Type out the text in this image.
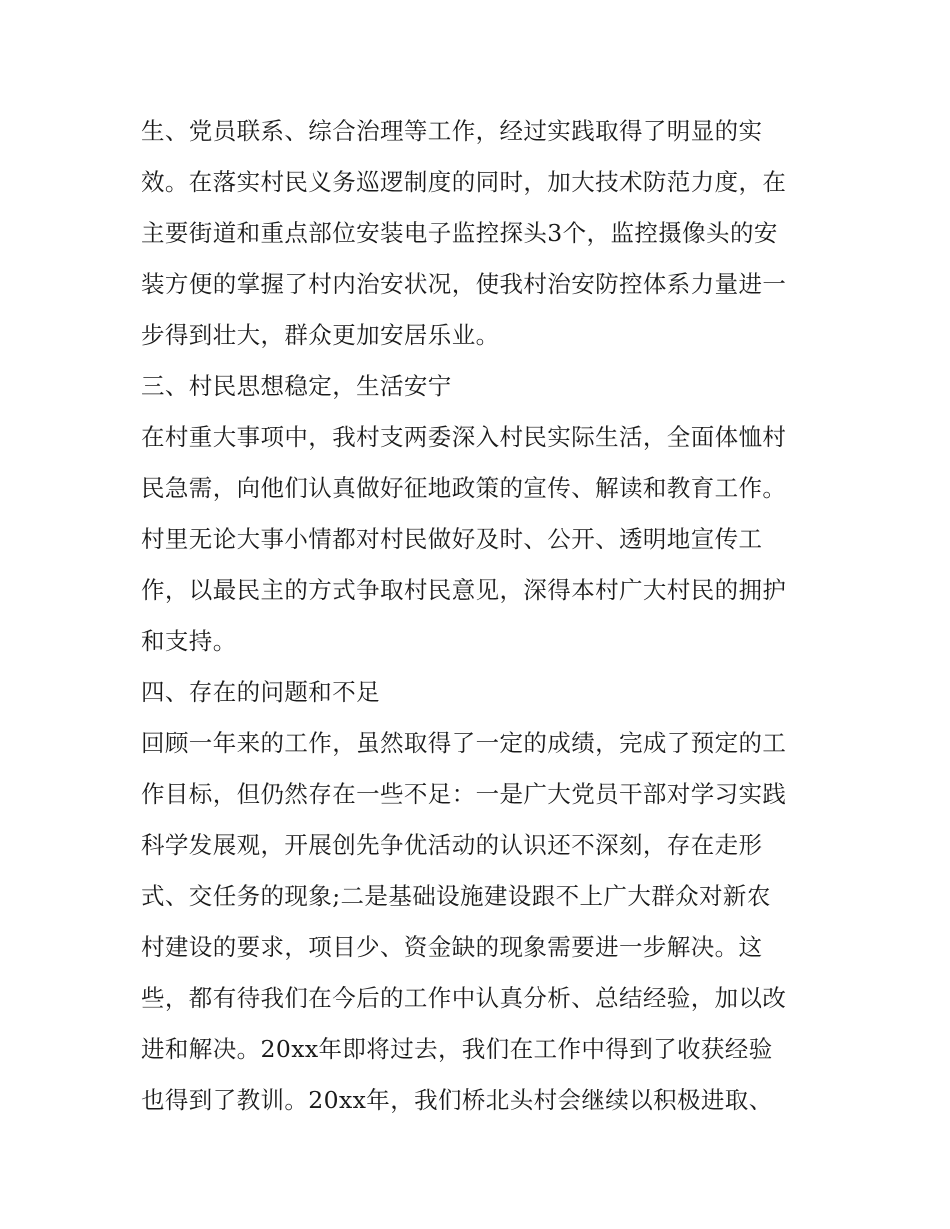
生、党员联系、综合治理等工作，经过实践取得了明显的实
效。在落实村民义务巡逻制度的同时，加大技术防范力度，在
主要街道和重点部位安装电子监控探头3个，监控摄像头的安
装方便的掌握了村内治安状况，使我村治安防控体系力量进一
步得到壮大，群众更加安居乐业。
三、村民思想稳定，生活安宁
在村重大事项中，我村支两委深入村民实际生活，全面体恤村
民急需，向他们认真做好征地政策的宣传、解读和教育工作。
村里无论大事小情都对村民做好及时、公开、透明地宣传工
作，以最民主的方式争取村民意见，深得本村广大村民的拥护
和支持。
四、存在的问题和不足
回顾一年来的工作，虽然取得了一定的成绩，完成了预定的工
作目标，但仍然存在一些不足：一是广大党员干部对学习实践
科学发展观，开展创先争优活动的认识还不深刻，存在走形
式、交任务的现象;二是基础设施建设跟不上广大群众对新农
村建设的要求，项目少、资金缺的现象需要进一步解决。这
些，都有待我们在今后的工作中认真分析、总结经验，加以改
进和解决。20xx年即将过去，我们在工作中得到了收获经验
也得到了教训。20xx年，我们桥北头村会继续以积极进取、
